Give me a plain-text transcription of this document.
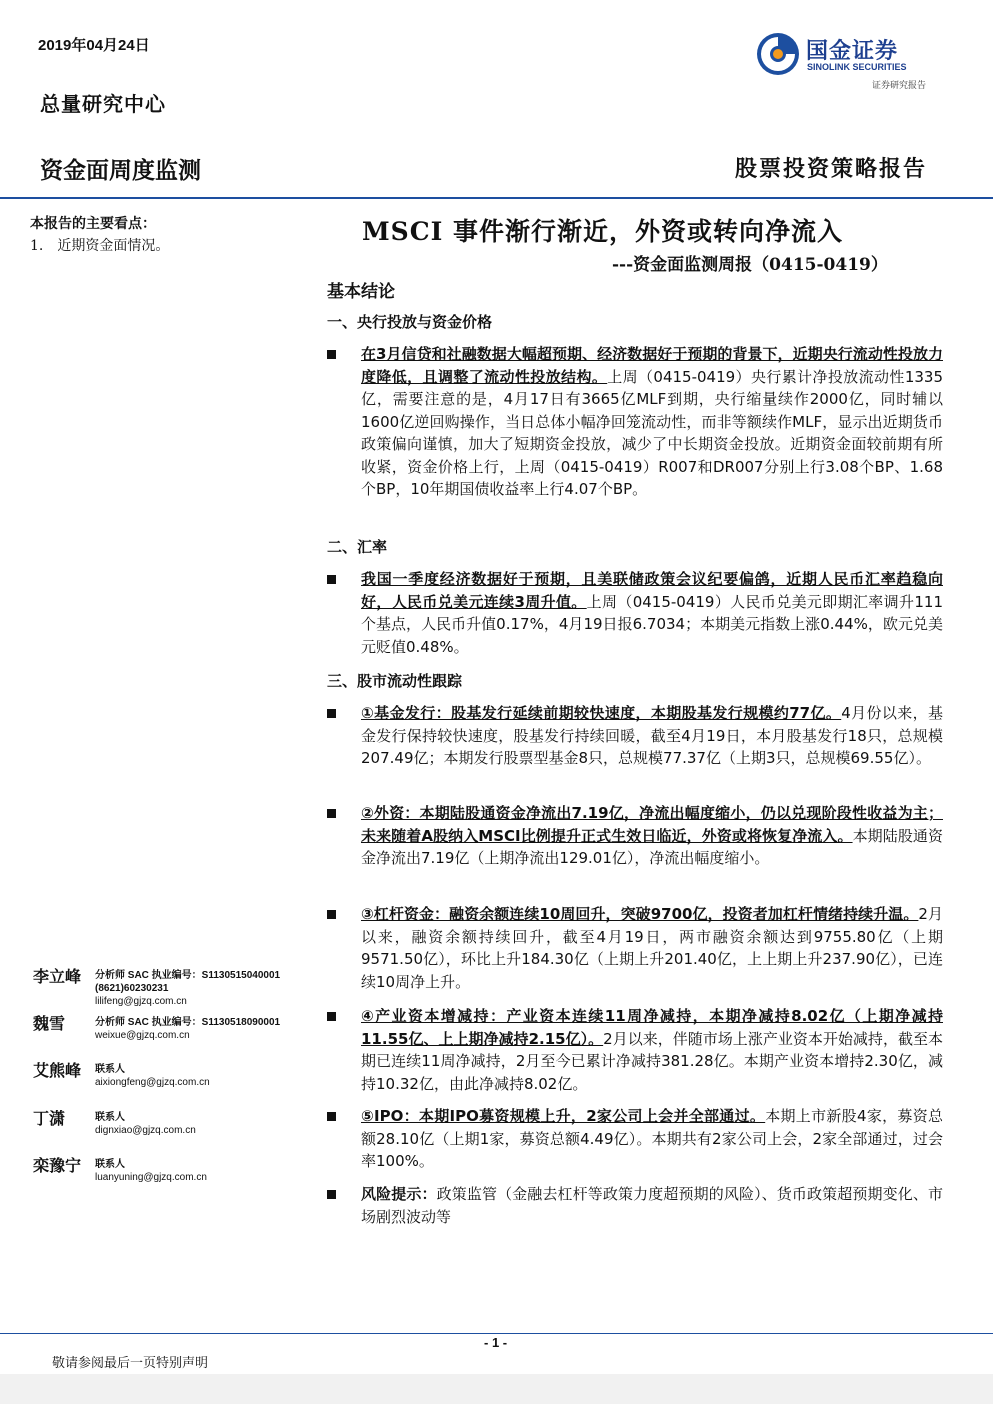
2019年04月24日
总量研究中心
国金证券
SINOLINK SECURITIES
证券研究报告
资金面周度监测	股票投资策略报告
本报告的主要看点：
1.　近期资金面情况。	MSCI 事件渐行渐近，外资或转向净流入
---资金面监测周报（0415-0419）
基本结论
一、央行投放与资金价格
在3月信贷和社融数据大幅超预期、经济数据好于预期的背景下，近期央行流动性投放力度降低，且调整了流动性投放结构。上周（0415-0419）央行累计净投放流动性1335亿，需要注意的是，4月17日有3665亿MLF到期，央行缩量续作2000亿，同时辅以1600亿逆回购操作，当日总体小幅净回笼流动性，而非等额续作MLF，显示出近期货币政策偏向谨慎，加大了短期资金投放，减少了中长期资金投放。近期资金面较前期有所收紧，资金价格上行，上周（0415-0419）R007和DR007分别上行3.08个BP、1.68个BP，10年期国债收益率上行4.07个BP。
二、汇率
我国一季度经济数据好于预期，且美联储政策会议纪要偏鸽，近期人民币汇率趋稳向好，人民币兑美元连续3周升值。上周（0415-0419）人民币兑美元即期汇率调升111个基点，人民币升值0.17%，4月19日报6.7034；本期美元指数上涨0.44%，欧元兑美元贬值0.48%。
三、股市流动性跟踪
①基金发行：股基发行延续前期较快速度，本期股基发行规模约77亿。4月份以来，基金发行保持较快速度，股基发行持续回暖，截至4月19日，本月股基发行18只，总规模207.49亿；本期发行股票型基金8只，总规模77.37亿（上期3只，总规模69.55亿）。
②外资：本期陆股通资金净流出7.19亿，净流出幅度缩小，仍以兑现阶段性收益为主；未来随着A股纳入MSCI比例提升正式生效日临近，外资或将恢复净流入。本期陆股通资金净流出7.19亿（上期净流出129.01亿），净流出幅度缩小。
③杠杆资金：融资余额连续10周回升，突破9700亿，投资者加杠杆情绪持续升温。2月以来，融资余额持续回升，截至4月19日，两市融资余额达到9755.80亿（上期9571.50亿），环比上升184.30亿（上期上升201.40亿，上上期上升237.90亿），已连续10周净上升。
④产业资本增减持：产业资本连续11周净减持，本期净减持8.02亿（上期净减持11.55亿、上上期净减持2.15亿）。2月以来，伴随市场上涨产业资本开始减持，截至本期已连续11周净减持，2月至今已累计净减持381.28亿。本期产业资本增持2.30亿，减持10.32亿，由此净减持8.02亿。
⑤IPO：本期IPO募资规模上升，2家公司上会并全部通过。本期上市新股4家，募资总额28.10亿（上期1家，募资总额4.49亿）。本期共有2家公司上会，2家全部通过，过会率100%。
风险提示：政策监管（金融去杠杆等政策力度超预期的风险）、货币政策超预期变化、市场剧烈波动等
李立峰 分析师 SAC 执业编号：S1130515040001
(8621)60230231
lilifeng@gjzq.com.cn
魏雪	分析师 SAC 执业编号：S1130518090001
weixue@gjzq.com.cn
艾熊峰 联系人
aixiongfeng@gjzq.com.cn
丁潇	联系人
dignxiao@gjzq.com.cn
栾豫宁 联系人
luanyuning@gjzq.com.cn
- 1 -
敬请参阅最后一页特别声明
